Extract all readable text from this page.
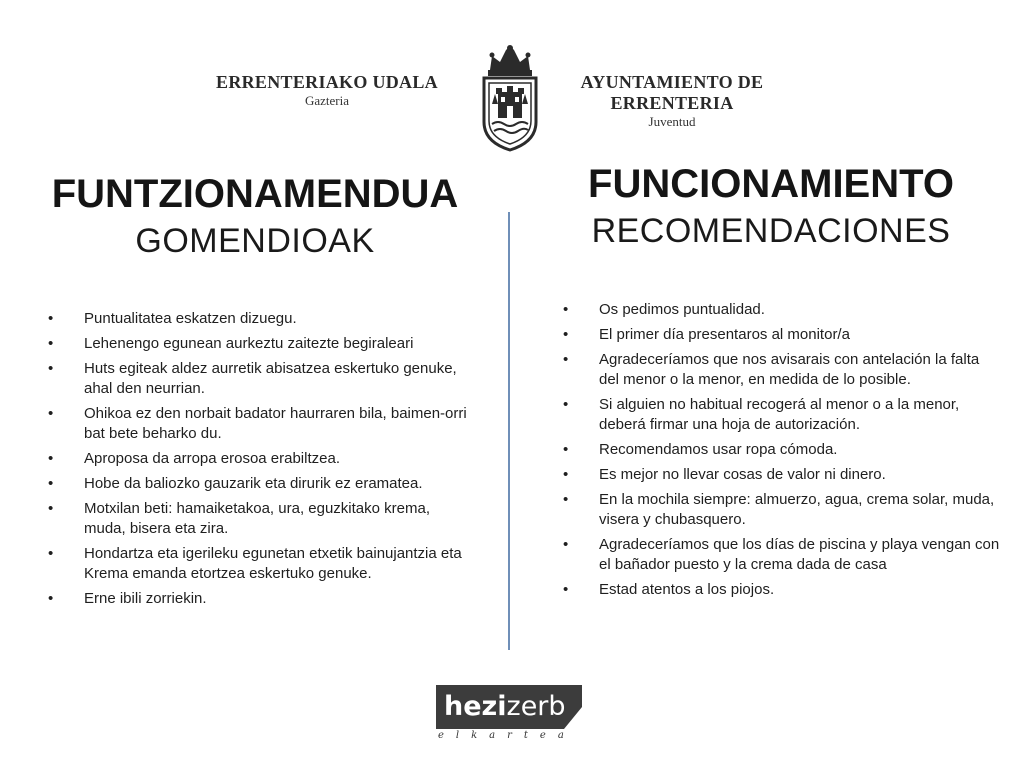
ERRENTERIAKO UDALA
Gazteria
AYUNTAMIENTO DE
ERRENTERIA
Juventud
FUNTZIONAMENDUA
GOMENDIOAK
FUNCIONAMIENTO
RECOMENDACIONES
• Puntualitatea eskatzen dizuegu.
• Lehenengo egunean aurkeztu zaitezte begiraleari
• Huts egiteak aldez aurretik abisatzea eskertuko genuke, ahal den neurrian.
• Ohikoa ez den norbait badator haurraren bila, baimen-orri bat bete beharko du.
• Aproposa da arropa erosoa erabiltzea.
• Hobe da baliozko gauzarik eta dirurik ez eramatea.
• Motxilan beti: hamaiketakoa, ura, eguzkitako krema, muda, bisera eta zira.
• Hondartza eta igerileku egunetan etxetik bainujantzia eta Krema emanda etortzea eskertuko genuke.
• Erne ibili zorriekin.
• Os pedimos puntualidad.
• El primer día presentaros al monitor/a
• Agradeceríamos que nos avisarais con antelación la falta del menor o la menor, en medida de lo posible.
• Si alguien no habitual recogerá al menor o a la menor, deberá firmar una hoja de autorización.
• Recomendamos usar ropa cómoda.
• Es mejor no llevar cosas de valor ni dinero.
• En la mochila siempre: almuerzo, agua, crema solar, muda, visera y chubasquero.
• Agradeceríamos que los días de piscina y playa vengan con el bañador puesto y la crema dada de casa
• Estad atentos a los piojos.
hezizerb
elkartea
